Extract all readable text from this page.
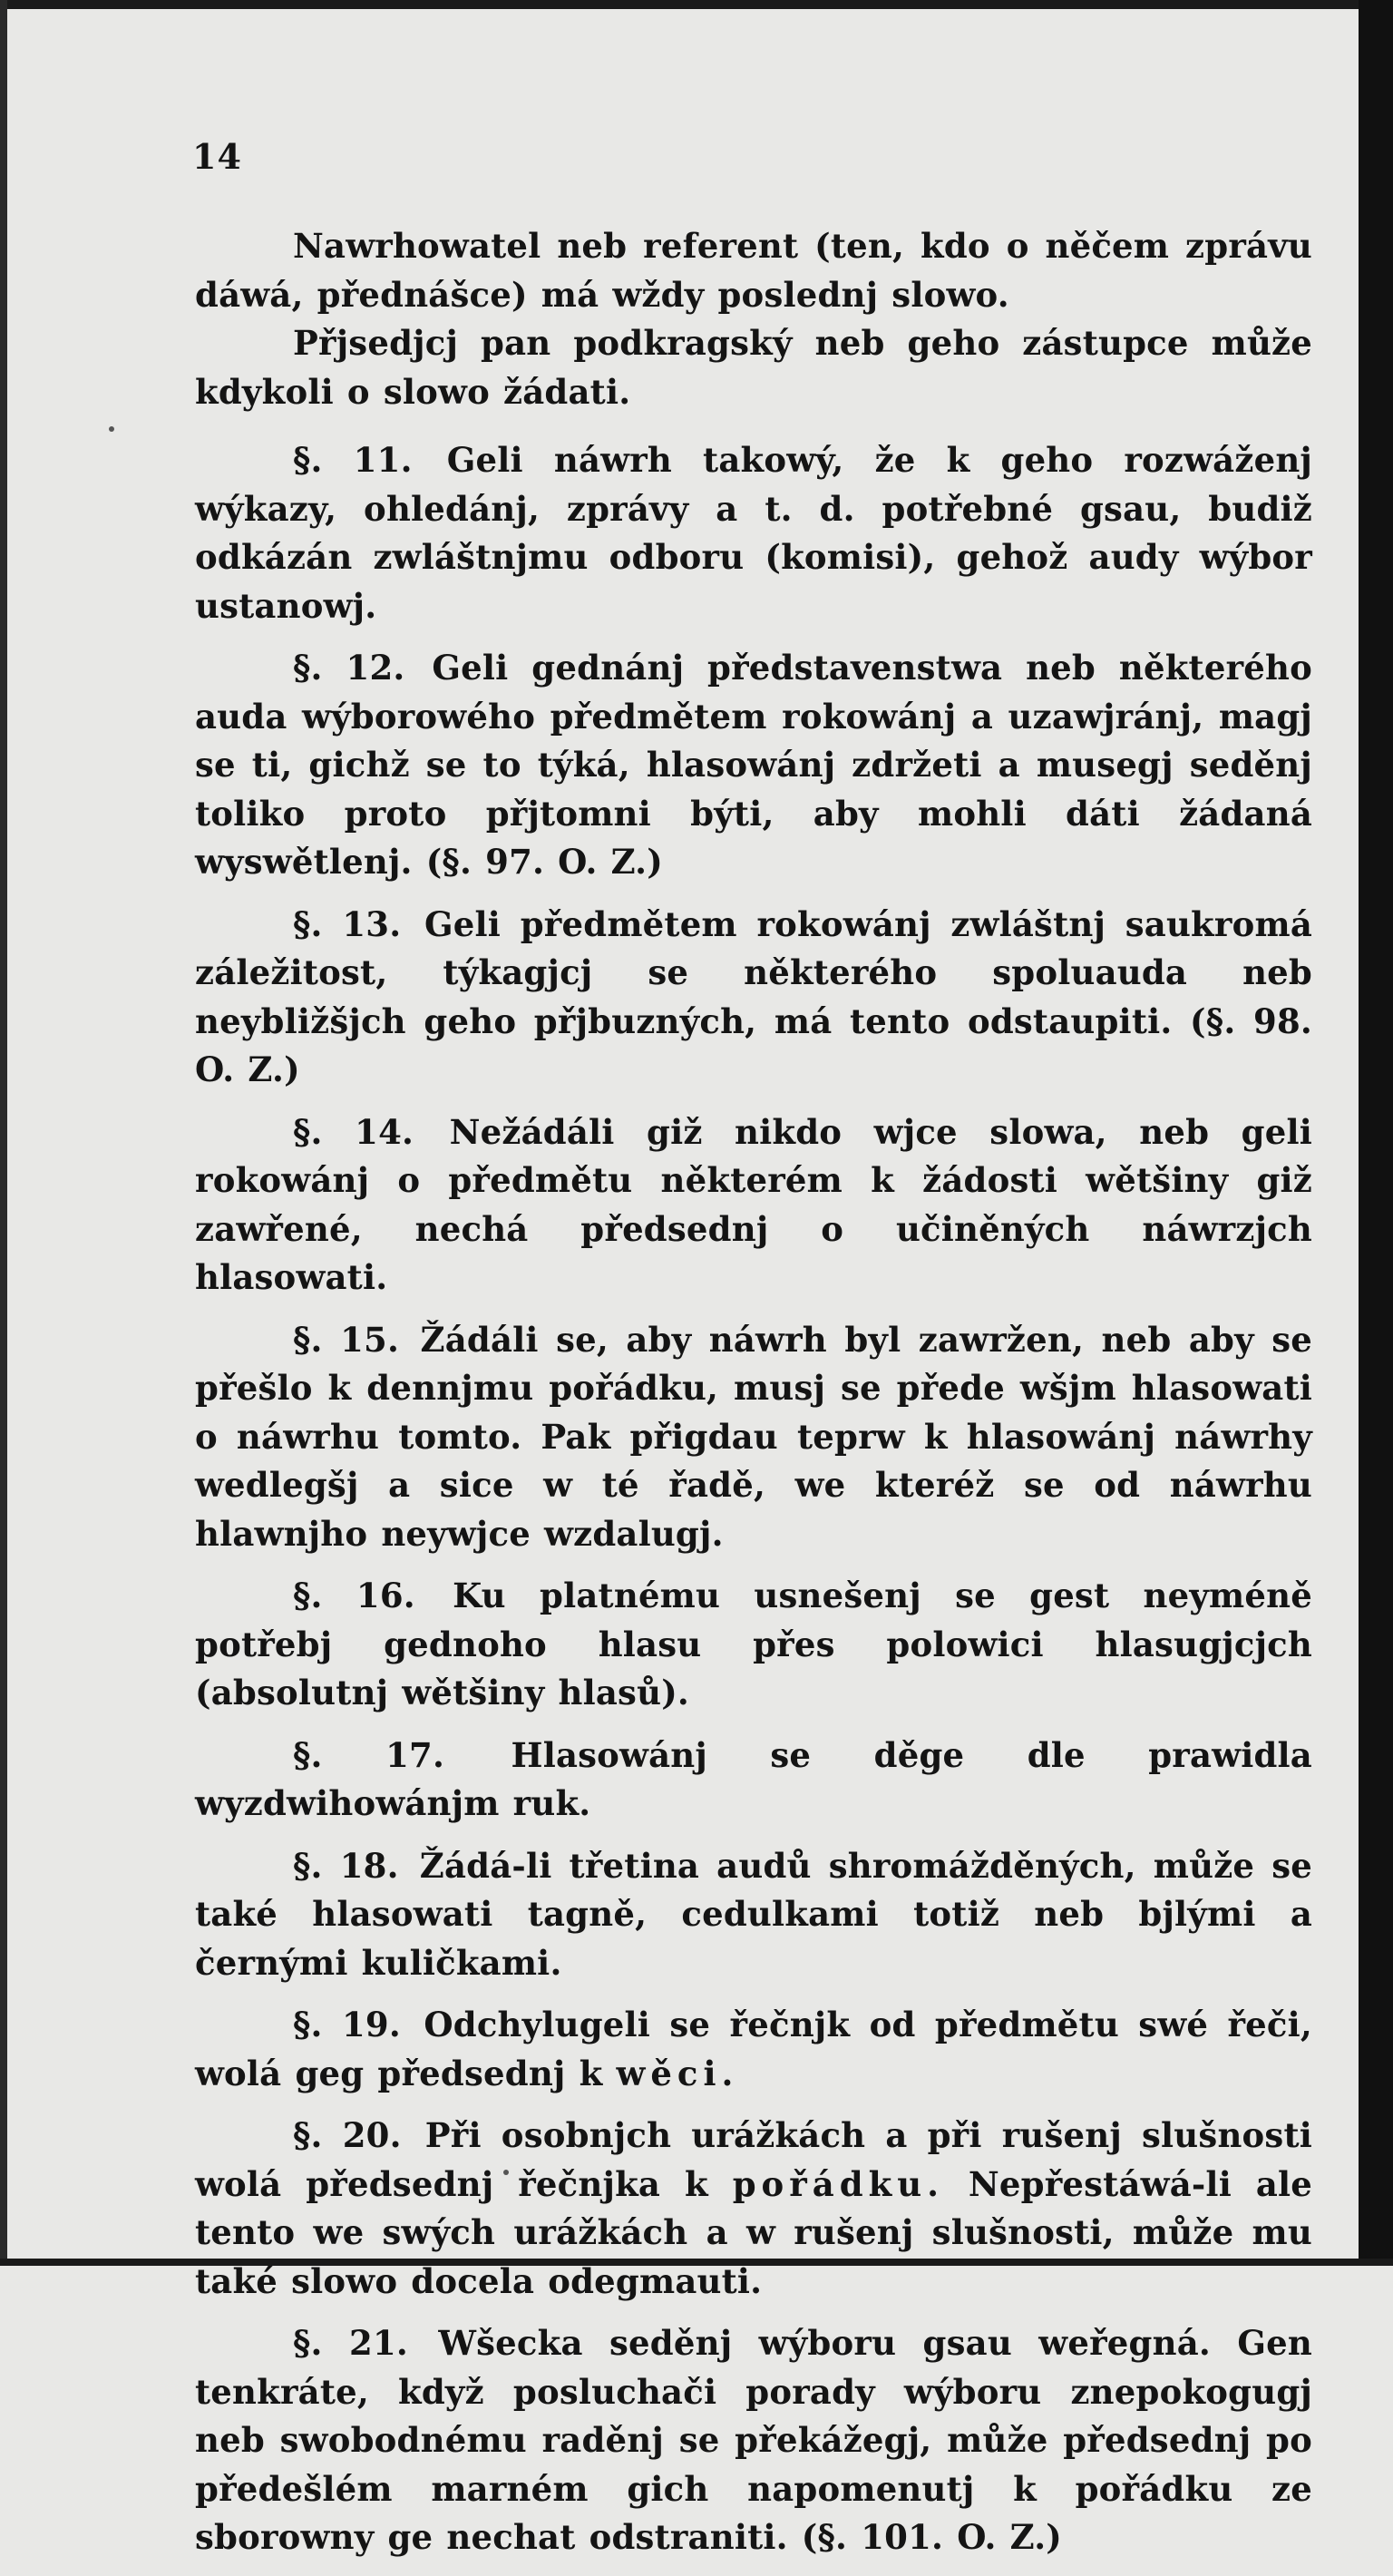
14

Nawrhowatel neb referent (ten, kdo o něčem zprávu dáwá, přednášce) má wždy poslednj slowo.

Přjsedjcj pan podkragský neb geho zástupce může kdykoli o slowo žádati.

§. 11. Geli náwrh takowý, že k geho rozwáženj wýkazy, ohledánj, zprávy a t. d. potřebné gsau, budiž odkázán zwláštnjmu odboru (komisi), gehož audy wýbor ustanowj.

§. 12. Geli gednánj představenstwa neb některého auda wýborowého předmětem rokowánj a uzawjránj, magj se ti, gichž se to týká, hlasowánj zdržeti a musegj seděnj toliko proto přjtomni býti, aby mohli dáti žádaná wyswětlenj. (§. 97. O. Z.)

§. 13. Geli předmětem rokowánj zwláštnj saukromá záležitost, týkagjcj se některého spoluauda neb neybližšjch geho přjbuzných, má tento odstaupiti. (§. 98. O. Z.)

§. 14. Nežádáli giž nikdo wjce slowa, neb geli rokowánj o předmětu některém k žádosti wětšiny giž zawřené, nechá předsednj o učiněných náwrzjch hlasowati.

§. 15. Žádáli se, aby náwrh byl zawržen, neb aby se přešlo k dennjmu pořádku, musj se přede wšjm hlasowati o náwrhu tomto. Pak přigdau teprw k hlasowánj náwrhy wedlegšj a sice w té řadě, we kteréž se od náwrhu hlawnjho neywjce wzdalugj.

§. 16. Ku platnému usnešenj se gest neyméně potřebj gednoho hlasu přes polowici hlasugjcjch (absolutnj wětšiny hlasů).

§. 17. Hlasowánj se děge dle prawidla wyzdwihowánjm ruk.

§. 18. Žádá-li třetina audů shromážděných, může se také hlasowati tagně, cedulkami totiž neb bjlými a černými kuličkami.

§. 19. Odchylugeli se řečnjk od předmětu swé řeči, wolá geg předsednj k wěci.

§. 20. Při osobnjch urážkách a při rušenj slušnosti wolá předsednj řečnjka k pořádku. Nepřestáwá-li ale tento we swých urážkách a w rušenj slušnosti, může mu také slowo docela odegmauti.

§. 21. Wšecka seděnj wýboru gsau weřegná. Gen tenkráte, když posluchači porady wýboru znepokogugj neb swobodnému raděnj se překážegj, může předsednj po předešlém marném gich napomenutj k pořádku ze sborowny ge nechat odstraniti. (§. 101. O. Z.)
